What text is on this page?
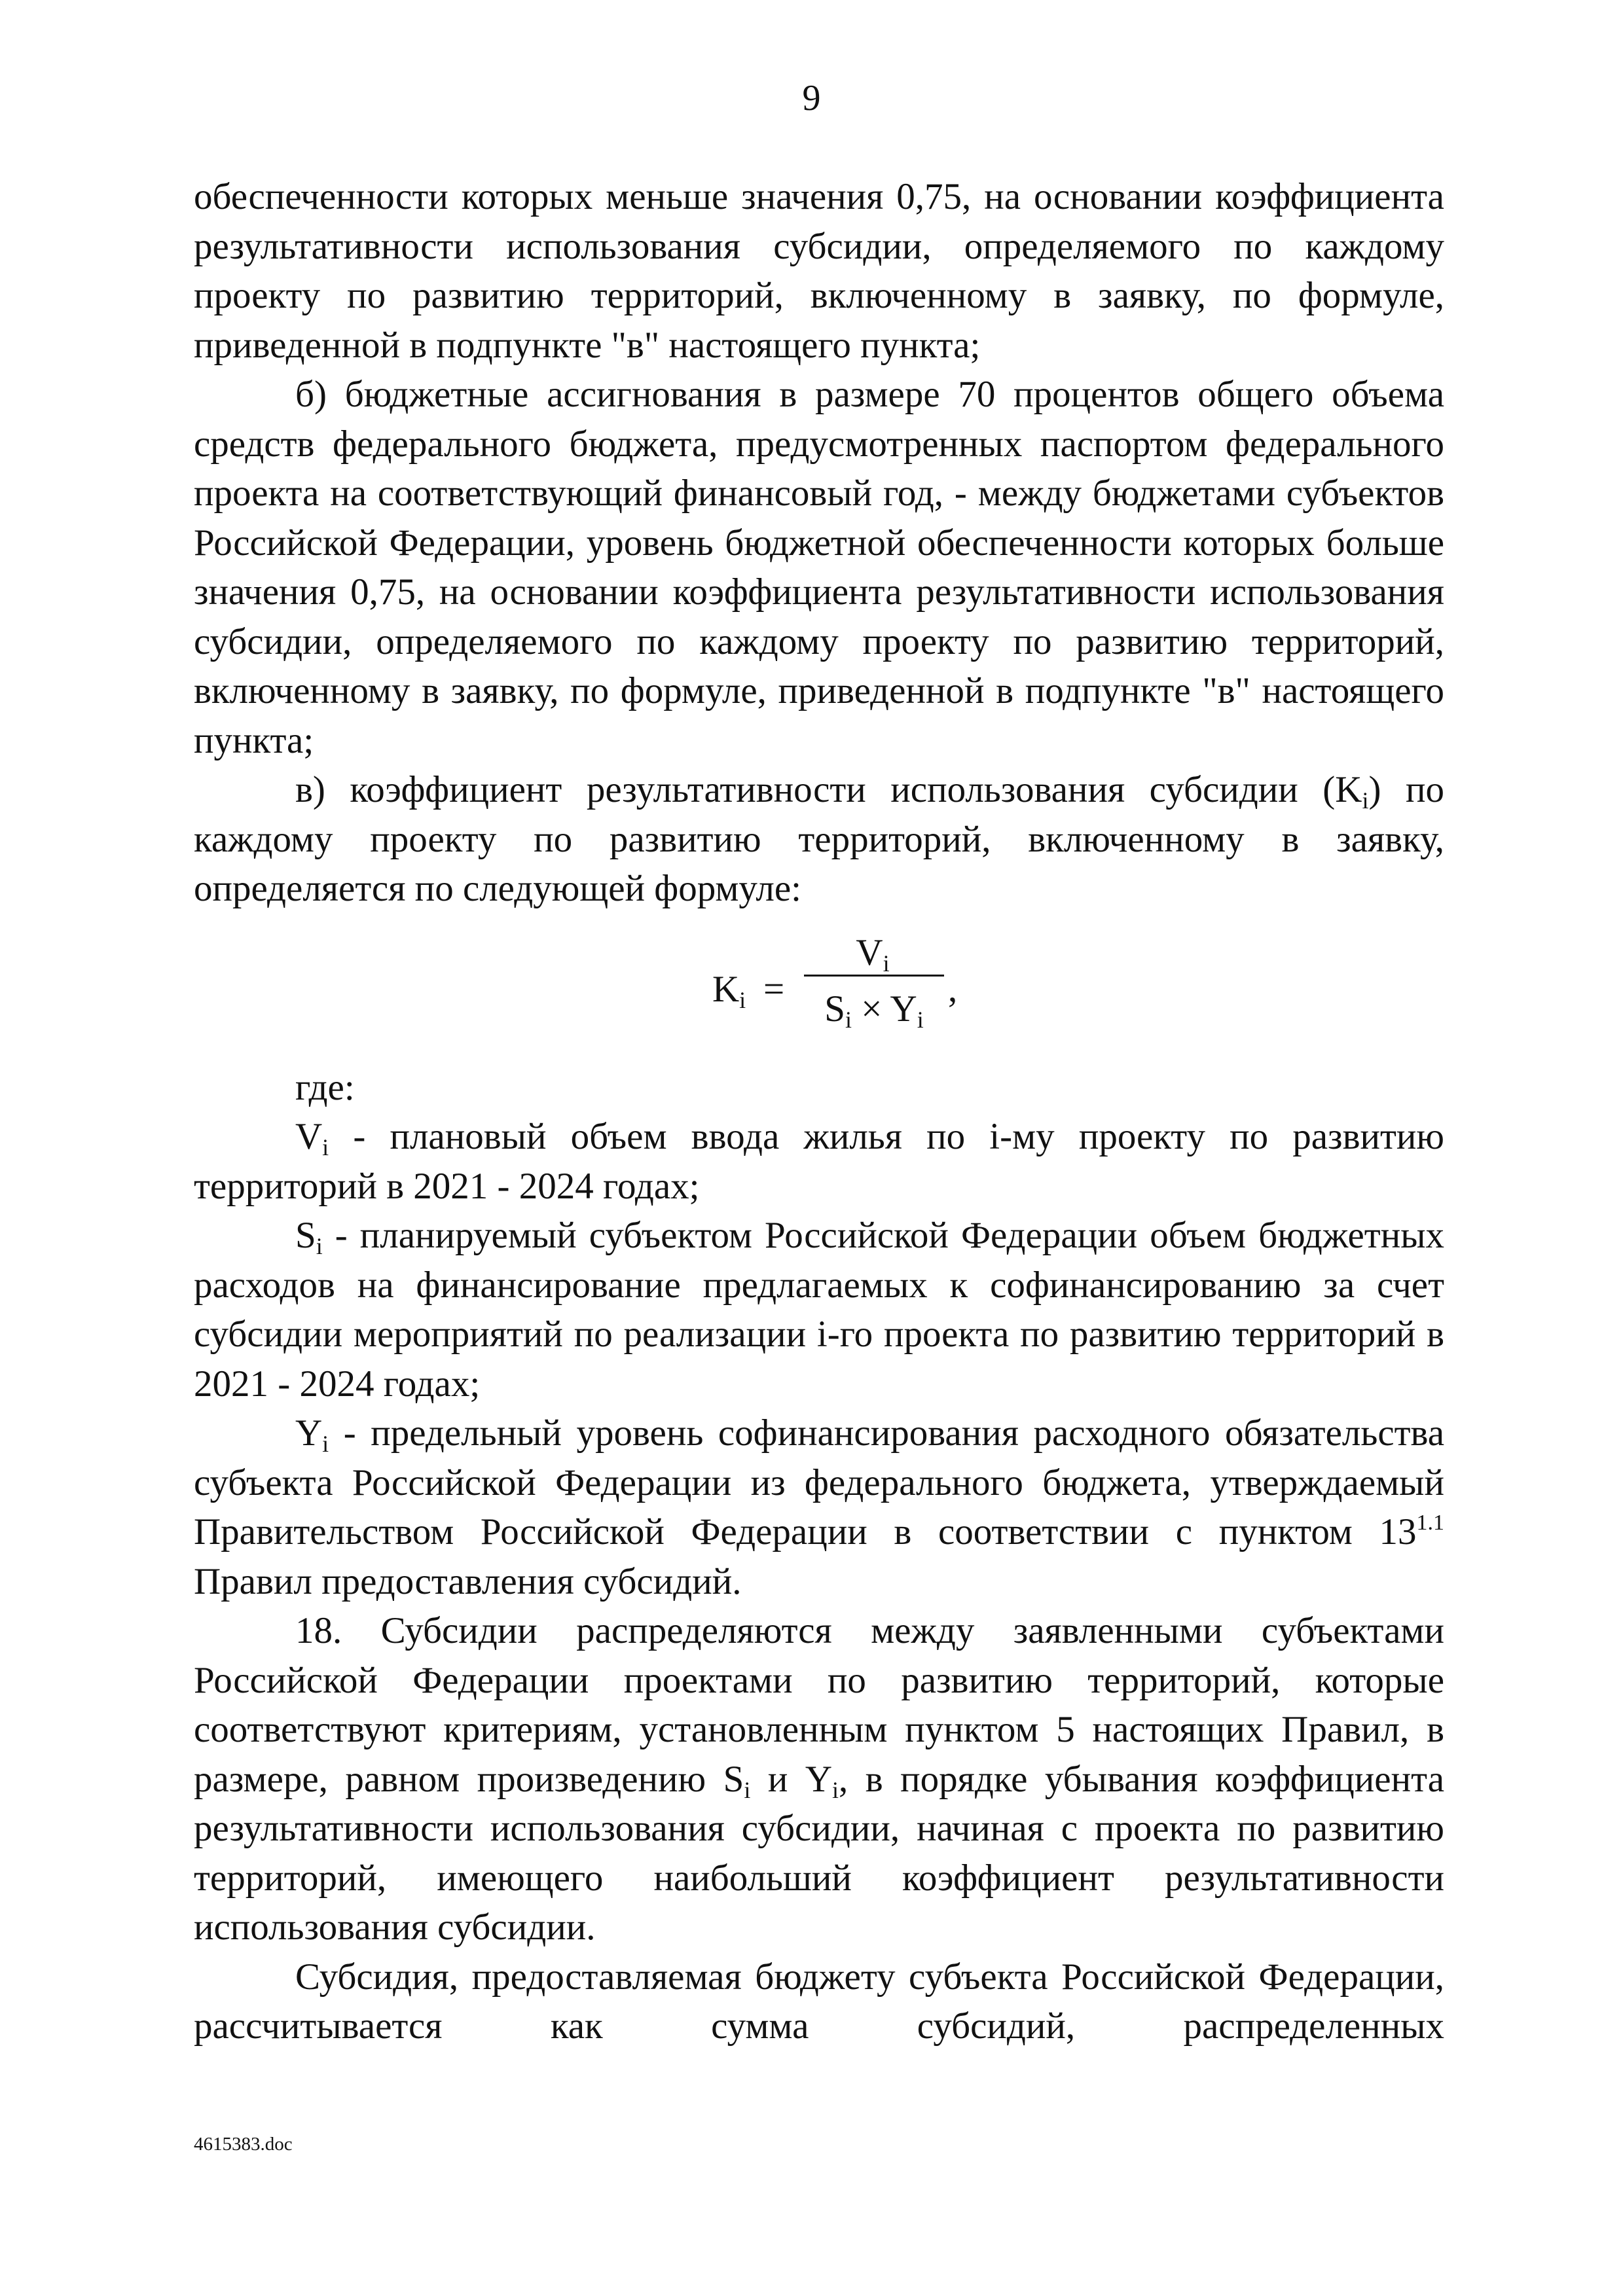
9

обеспеченности которых меньше значения 0,75, на основании коэффициента результативности использования субсидии, определяемого по каждому проекту по развитию территорий, включенному в заявку, по формуле, приведенной в подпункте "в" настоящего пункта;

б) бюджетные ассигнования в размере 70 процентов общего объема средств федерального бюджета, предусмотренных паспортом федерального проекта на соответствующий финансовый год, - между бюджетами субъектов Российской Федерации, уровень бюджетной обеспеченности которых больше значения 0,75, на основании коэффициента результативности использования субсидии, определяемого по каждому проекту по развитию территорий, включенному в заявку, по формуле, приведенной в подпункте "в" настоящего пункта;

в) коэффициент результативности использования субсидии $(K_i)$ по каждому проекту по развитию территорий, включенному в заявку, определяется по следующей формуле:

$K_i$ =
$V_i$
$S_i \times Y_i$
,

где:

$V_i$ - плановый объем ввода жилья по i-му проекту по развитию территорий в 2021 - 2024 годах;

$S_i$ - планируемый субъектом Российской Федерации объем бюджетных расходов на финансирование предлагаемых к софинансированию за счет субсидии мероприятий по реализации i-го проекта по развитию территорий в 2021 - 2024 годах;

$Y_i$ - предельный уровень софинансирования расходного обязательства субъекта Российской Федерации из федерального бюджета, утверждаемый Правительством Российской Федерации в соответствии с пунктом $13^{1.1}$ Правил предоставления субсидий.

18. Субсидии распределяются между заявленными субъектами Российской Федерации проектами по развитию территорий, которые соответствуют критериям, установленным пунктом 5 настоящих Правил, в размере, равном произведению $S_i$ и $Y_i$, в порядке убывания коэффициента результативности использования субсидии, начиная с проекта по развитию территорий, имеющего наибольший коэффициент результативности использования субсидии.

Субсидия, предоставляемая бюджету субъекта Российской Федерации, рассчитывается как сумма субсидий, распределенных

4615383.doc
